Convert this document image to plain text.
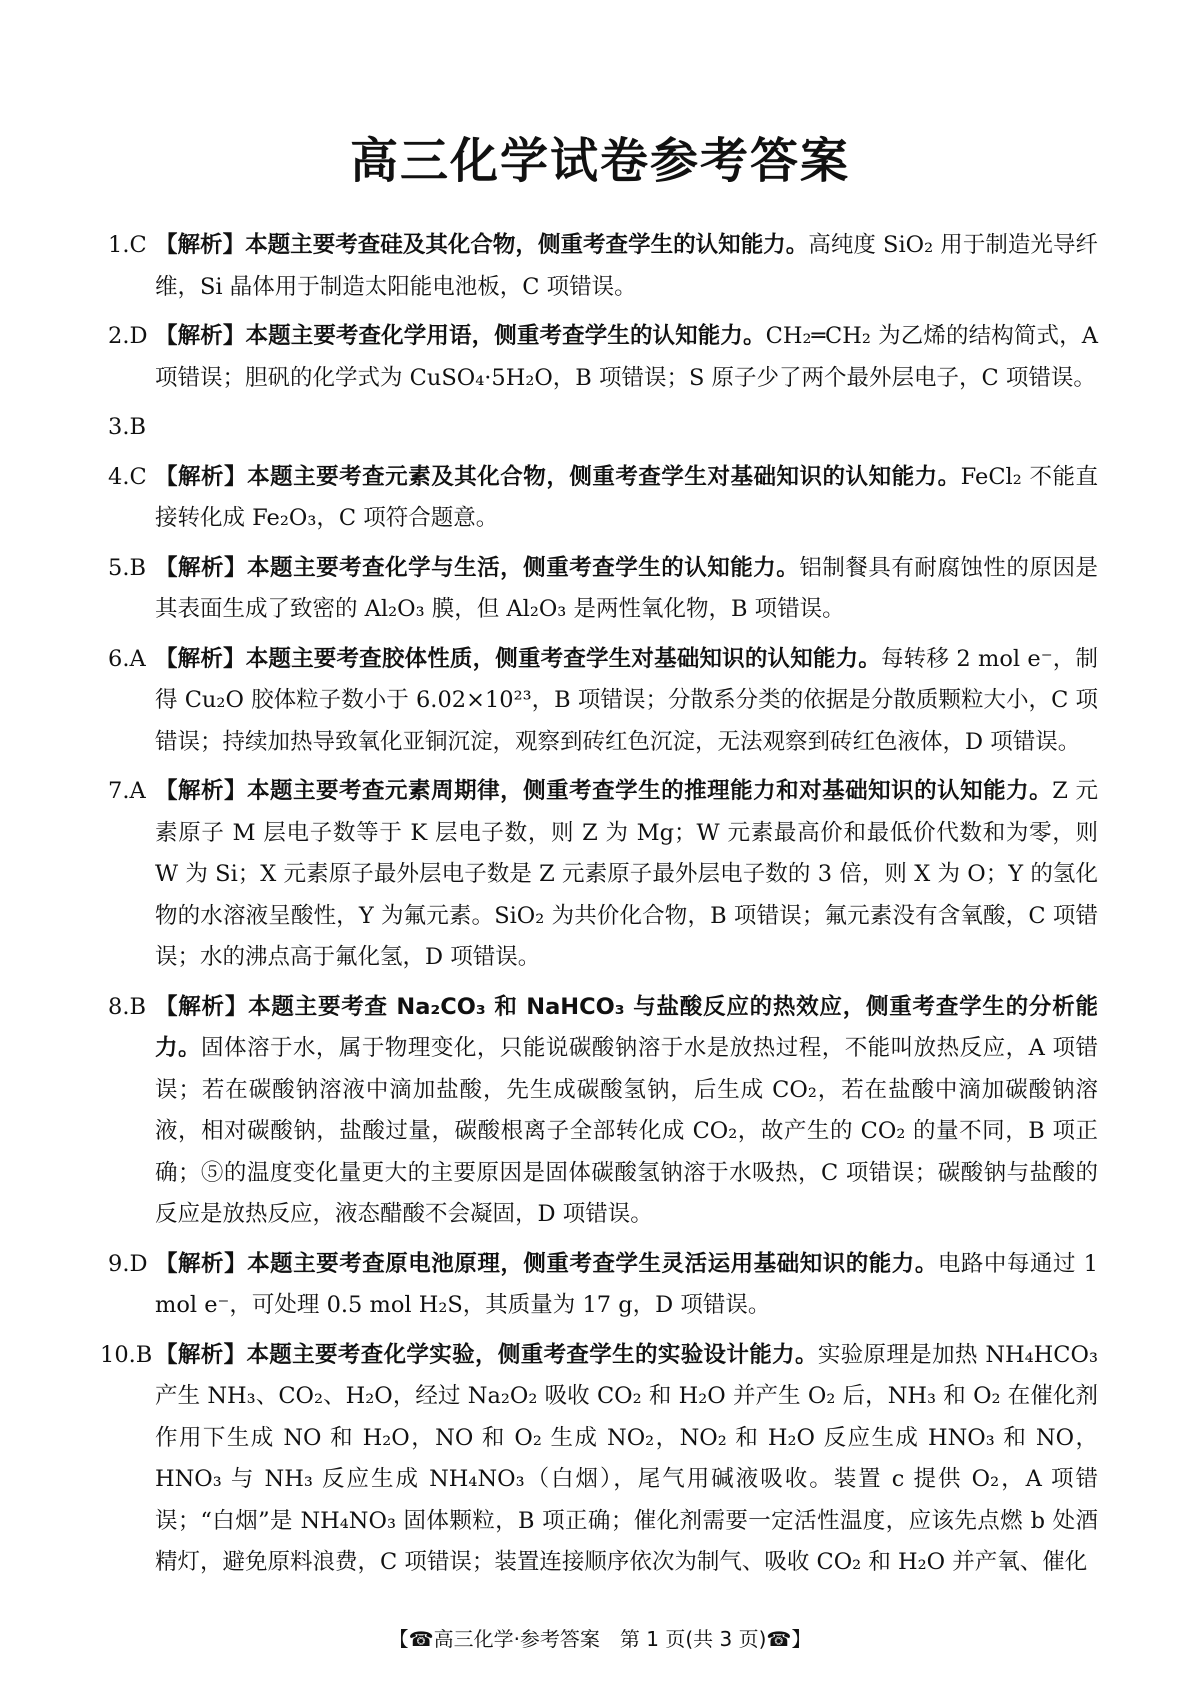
高三化学试卷参考答案
1.C 【解析】本题主要考查硅及其化合物，侧重考查学生的认知能力。高纯度 SiO₂ 用于制造光导纤维，Si 晶体用于制造太阳能电池板，C 项错误。
2.D 【解析】本题主要考查化学用语，侧重考查学生的认知能力。CH₂═CH₂ 为乙烯的结构简式，A 项错误；胆矾的化学式为 CuSO₄·5H₂O，B 项错误；S 原子少了两个最外层电子，C 项错误。
3.B

4.C 【解析】本题主要考查元素及其化合物，侧重考查学生对基础知识的认知能力。FeCl₂ 不能直接转化成 Fe₂O₃，C 项符合题意。
5.B 【解析】本题主要考查化学与生活，侧重考查学生的认知能力。铝制餐具有耐腐蚀性的原因是其表面生成了致密的 Al₂O₃ 膜，但 Al₂O₃ 是两性氧化物，B 项错误。
6.A 【解析】本题主要考查胶体性质，侧重考查学生对基础知识的认知能力。每转移 2 mol e⁻，制得 Cu₂O 胶体粒子数小于 6.02×10²³，B 项错误；分散系分类的依据是分散质颗粒大小，C 项错误；持续加热导致氧化亚铜沉淀，观察到砖红色沉淀，无法观察到砖红色液体，D 项错误。
7.A 【解析】本题主要考查元素周期律，侧重考查学生的推理能力和对基础知识的认知能力。Z 元素原子 M 层电子数等于 K 层电子数，则 Z 为 Mg；W 元素最高价和最低价代数和为零，则 W 为 Si；X 元素原子最外层电子数是 Z 元素原子最外层电子数的 3 倍，则 X 为 O；Y 的氢化物的水溶液呈酸性，Y 为氟元素。SiO₂ 为共价化合物，B 项错误；氟元素没有含氧酸，C 项错误；水的沸点高于氟化氢，D 项错误。
8.B 【解析】本题主要考查 Na₂CO₃ 和 NaHCO₃ 与盐酸反应的热效应，侧重考查学生的分析能力。固体溶于水，属于物理变化，只能说碳酸钠溶于水是放热过程，不能叫放热反应，A 项错误；若在碳酸钠溶液中滴加盐酸，先生成碳酸氢钠，后生成 CO₂，若在盐酸中滴加碳酸钠溶液，相对碳酸钠，盐酸过量，碳酸根离子全部转化成 CO₂，故产生的 CO₂ 的量不同，B 项正确；⑤的温度变化量更大的主要原因是固体碳酸氢钠溶于水吸热，C 项错误；碳酸钠与盐酸的反应是放热反应，液态醋酸不会凝固，D 项错误。
9.D 【解析】本题主要考查原电池原理，侧重考查学生灵活运用基础知识的能力。电路中每通过 1 mol e⁻，可处理 0.5 mol H₂S，其质量为 17 g，D 项错误。
10.B 【解析】本题主要考查化学实验，侧重考查学生的实验设计能力。实验原理是加热 NH₄HCO₃ 产生 NH₃、CO₂、H₂O，经过 Na₂O₂ 吸收 CO₂ 和 H₂O 并产生 O₂ 后，NH₃ 和 O₂ 在催化剂作用下生成 NO 和 H₂O，NO 和 O₂ 生成 NO₂，NO₂ 和 H₂O 反应生成 HNO₃ 和 NO，HNO₃ 与 NH₃ 反应生成 NH₄NO₃（白烟），尾气用碱液吸收。装置 c 提供 O₂，A 项错误；“白烟”是 NH₄NO₃ 固体颗粒，B 项正确；催化剂需要一定活性温度，应该先点燃 b 处酒精灯，避免原料浪费，C 项错误；装置连接顺序依次为制气、吸收 CO₂ 和 H₂O 并产氧、催化
【☎高三化学·参考答案　第 1 页(共 3 页)☎】
